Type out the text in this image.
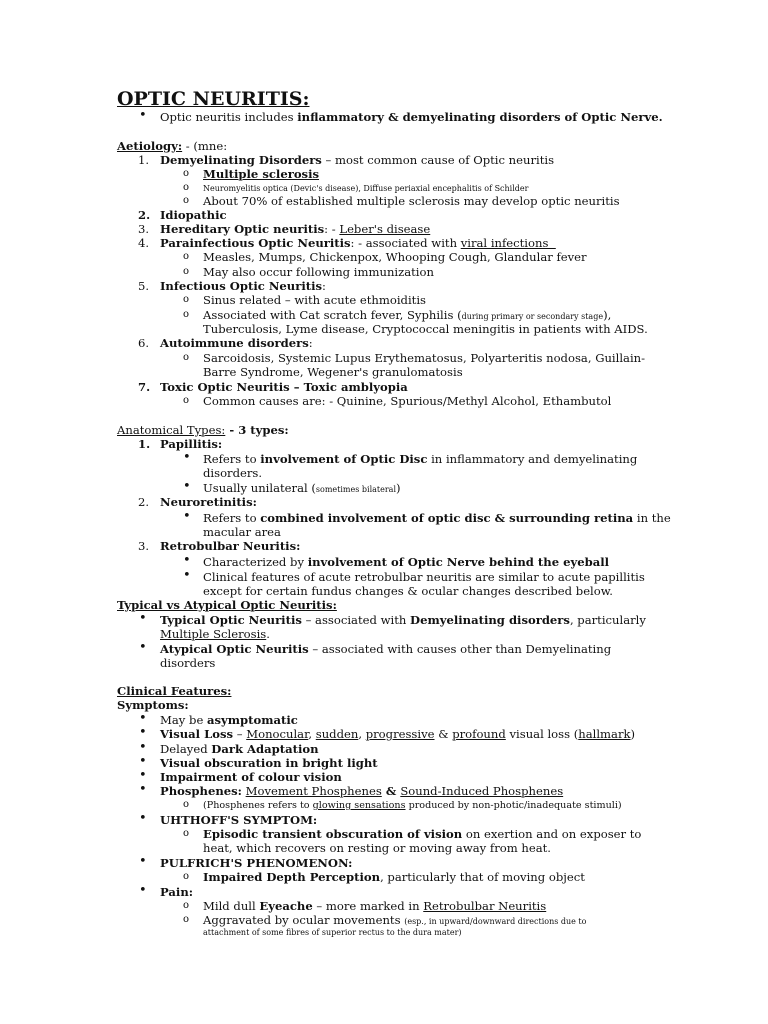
OPTIC NEURITIS:
• Optic neuritis includes inflammatory & demyelinating disorders of Optic Nerve.
Aetiology: - (mne:
1. Demyelinating Disorders – most common cause of Optic neuritis
o Multiple sclerosis
o Neuromyelitis optica (Devic's disease), Diffuse periaxial encephalitis of Schilder
o About 70% of established multiple sclerosis may develop optic neuritis
2. Idiopathic
3. Hereditary Optic neuritis: - Leber's disease
4. Parainfectious Optic Neuritis: - associated with viral infections
o Measles, Mumps, Chickenpox, Whooping Cough, Glandular fever
o May also occur following immunization
5. Infectious Optic Neuritis:
o Sinus related – with acute ethmoiditis
o Associated with Cat scratch fever, Syphilis (during primary or secondary stage),
Tuberculosis, Lyme disease, Cryptococcal meningitis in patients with AIDS.
6. Autoimmune disorders:
o Sarcoidosis, Systemic Lupus Erythematosus, Polyarteritis nodosa, Guillain-
Barre Syndrome, Wegener's granulomatosis
7. Toxic Optic Neuritis – Toxic amblyopia
o Common causes are: - Quinine, Spurious/Methyl Alcohol, Ethambutol
Anatomical Types: - 3 types:
1. Papillitis:
• Refers to involvement of Optic Disc in inflammatory and demyelinating
disorders.
• Usually unilateral (sometimes bilateral)
2. Neuroretinitis:
• Refers to combined involvement of optic disc & surrounding retina in the
macular area
3. Retrobulbar Neuritis:
• Characterized by involvement of Optic Nerve behind the eyeball
• Clinical features of acute retrobulbar neuritis are similar to acute papillitis
except for certain fundus changes & ocular changes described below.
Typical vs Atypical Optic Neuritis:
• Typical Optic Neuritis – associated with Demyelinating disorders, particularly
Multiple Sclerosis.
• Atypical Optic Neuritis – associated with causes other than Demyelinating
disorders
Clinical Features:
Symptoms:
• May be asymptomatic
• Visual Loss – Monocular, sudden, progressive & profound visual loss (hallmark)
• Delayed Dark Adaptation
• Visual obscuration in bright light
• Impairment of colour vision
• Phosphenes: Movement Phosphenes & Sound-Induced Phosphenes
o (Phosphenes refers to glowing sensations produced by non-photic/inadequate stimuli)
• UHTHOFF'S SYMPTOM:
o Episodic transient obscuration of vision on exertion and on exposer to
heat, which recovers on resting or moving away from heat.
• PULFRICH'S PHENOMENON:
o Impaired Depth Perception, particularly that of moving object
• Pain:
o Mild dull Eyeache – more marked in Retrobulbar Neuritis
o Aggravated by ocular movements (esp., in upward/downward directions due to
attachment of some fibres of superior rectus to the dura mater)
